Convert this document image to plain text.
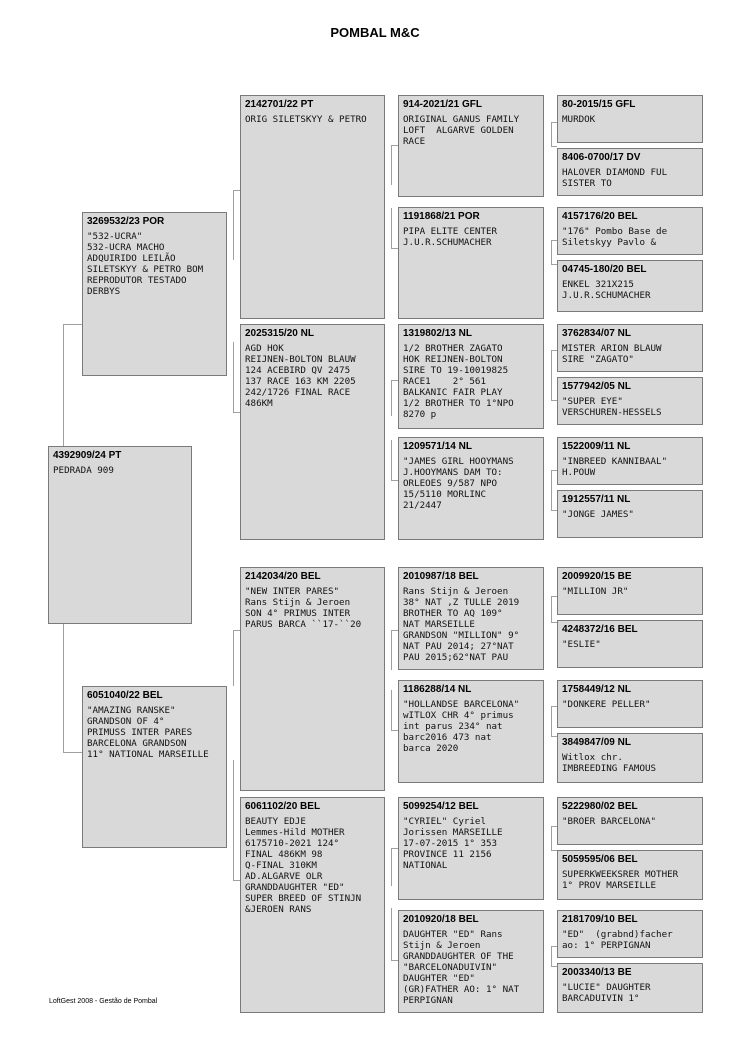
POMBAL M&C
4392909/24 PT
PEDRADA 909
3269532/23 POR
"532-UCRA"
532-UCRA MACHO
ADQUIRIDO LEILÃO
SILETSKYY & PETRO BOM
REPRODUTOR TESTADO
DERBYS
6051040/22 BEL
"AMAZING RANSKE"
GRANDSON OF 4°
PRIMUSS INTER PARES
BARCELONA GRANDSON
11° NATIONAL MARSEILLE
2142701/22 PT
ORIG SILETSKYY & PETRO
2025315/20 NL
AGD HOK
REIJNEN-BOLTON BLAUW
124 ACEBIRD QV 2475
137 RACE 163 KM 2205
242/1726 FINAL RACE
486KM
2142034/20 BEL
"NEW INTER PARES"
Rans Stijn & Jeroen
SON 4° PRIMUS INTER
PARUS BARCA ``17-``20
6061102/20 BEL
BEAUTY EDJE
Lemmes-Hild MOTHER
6175710-2021 124°
FINAL 486KM 98
Q-FINAL 310KM
AD.ALGARVE OLR
GRANDDAUGHTER "ED"
SUPER BREED OF STINJN
&JEROEN RANS
914-2021/21 GFL
ORIGINAL GANUS FAMILY
LOFT  ALGARVE GOLDEN
RACE
1191868/21 POR
PIPA ELITE CENTER
J.U.R.SCHUMACHER
1319802/13 NL
1/2 BROTHER ZAGATO
HOK REIJNEN-BOLTON
SIRE TO 19-10019825
RACE1    2° 561
BALKANIC FAIR PLAY
1/2 BROTHER TO 1°NPO
8270 p
1209571/14 NL
"JAMES GIRL HOOYMANS
J.HOOYMANS DAM TO:
ORLEOES 9/587 NPO
15/5110 MORLINC
21/2447
2010987/18 BEL
Rans Stijn & Jeroen
38° NAT ,Z TULLE 2019
BROTHER TO AQ 109°
NAT MARSEILLE
GRANDSON "MILLION" 9°
NAT PAU 2014; 27°NAT
PAU 2015;62°NAT PAU
1186288/14 NL
"HOLLANDSE BARCELONA"
wITLOX CHR 4° primus
int parus 234° nat
barc2016 473 nat
barca 2020
5099254/12 BEL
"CYRIEL" Cyriel
Jorissen MARSEILLE
17-07-2015 1° 353
PROVINCE 11 2156
NATIONAL
2010920/18 BEL
DAUGHTER "ED" Rans
Stijn & Jeroen
GRANDDAUGHTER OF THE
"BARCELONADUIVIN"
DAUGHTER "ED"
(GR)FATHER AO: 1° NAT
PERPIGNAN
80-2015/15 GFL
MURDOK
8406-0700/17 DV
HALOVER DIAMOND FUL
SISTER TO
4157176/20 BEL
"176" Pombo Base de
Siletskyy Pavlo &
04745-180/20 BEL
ENKEL 321X215
J.U.R.SCHUMACHER
3762834/07 NL
MISTER ARION BLAUW
SIRE "ZAGATO"
1577942/05 NL
"SUPER EYE"
VERSCHUREN-HESSELS
1522009/11 NL
"INBREED KANNIBAAL"
H.POUW
1912557/11 NL
"JONGE JAMES"
2009920/15 BE
"MILLION JR"
4248372/16 BEL
"ESLIE"
1758449/12 NL
"DONKERE PELLER"
3849847/09 NL
Witlox chr.
IMBREEDING FAMOUS
5222980/02 BEL
"BROER BARCELONA"
5059595/06 BEL
SUPERKWEEKSRER MOTHER
1° PROV MARSEILLE
2181709/10 BEL
"ED"  (grabnd)facher
ao: 1° PERPIGNAN
2003340/13 BE
"LUCIE" DAUGHTER
BARCADUIVIN 1°
LoftGest 2008 - Gestão de Pombal
